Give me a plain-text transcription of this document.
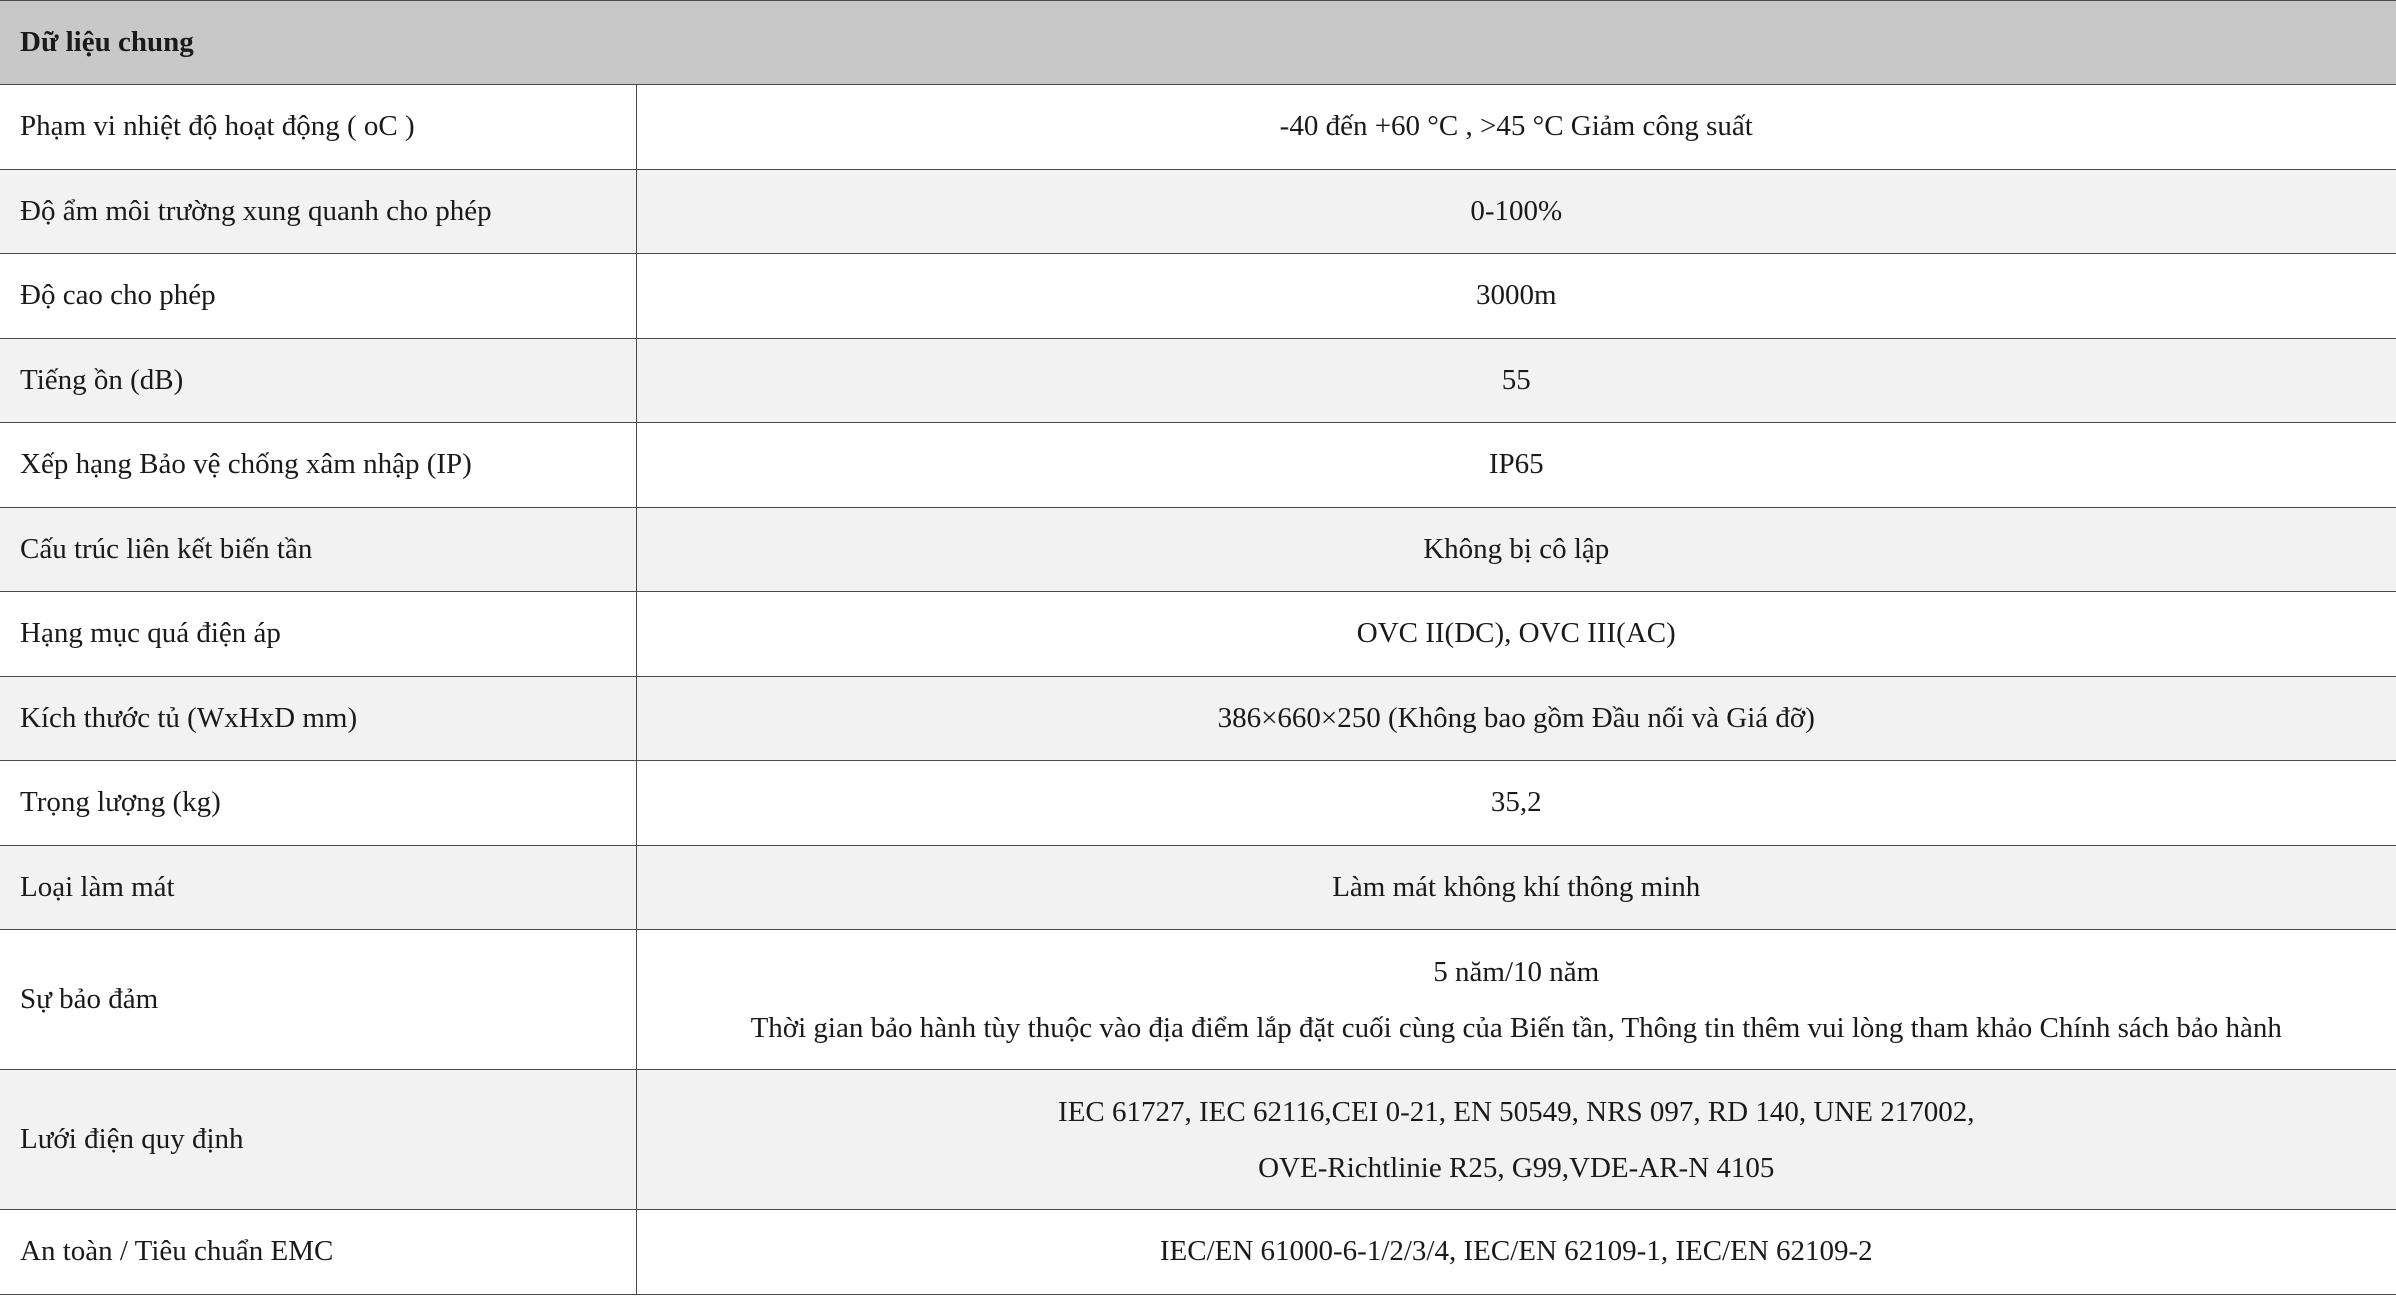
Dữ liệu chung	
Phạm vi nhiệt độ hoạt động ( oC )	-40 đến +60 °C , >45 °C Giảm công suất

Độ ẩm môi trường xung quanh cho phép	0-100%

Độ cao cho phép	3000m

Tiếng ồn (dB)	55

Xếp hạng Bảo vệ chống xâm nhập (IP)	IP65

Cấu trúc liên kết biến tần	Không bị cô lập

Hạng mục quá điện áp	OVC II(DC), OVC III(AC)

Kích thước tủ (WxHxD mm)	386×660×250 (Không bao gồm Đầu nối và Giá đỡ)

Trọng lượng (kg)	35,2

Loại làm mát	Làm mát không khí thông minh

Sự bảo đảm	5 năm/10 năm
Thời gian bảo hành tùy thuộc vào địa điểm lắp đặt cuối cùng của Biến tần, Thông tin thêm vui lòng tham khảo Chính sách bảo hành

Lưới điện quy định	IEC 61727, IEC 62116,CEI 0-21, EN 50549, NRS 097, RD 140, UNE 217002,
OVE-Richtlinie R25, G99,VDE-AR-N 4105

An toàn / Tiêu chuẩn EMC	IEC/EN 61000-6-1/2/3/4, IEC/EN 62109-1, IEC/EN 62109-2
